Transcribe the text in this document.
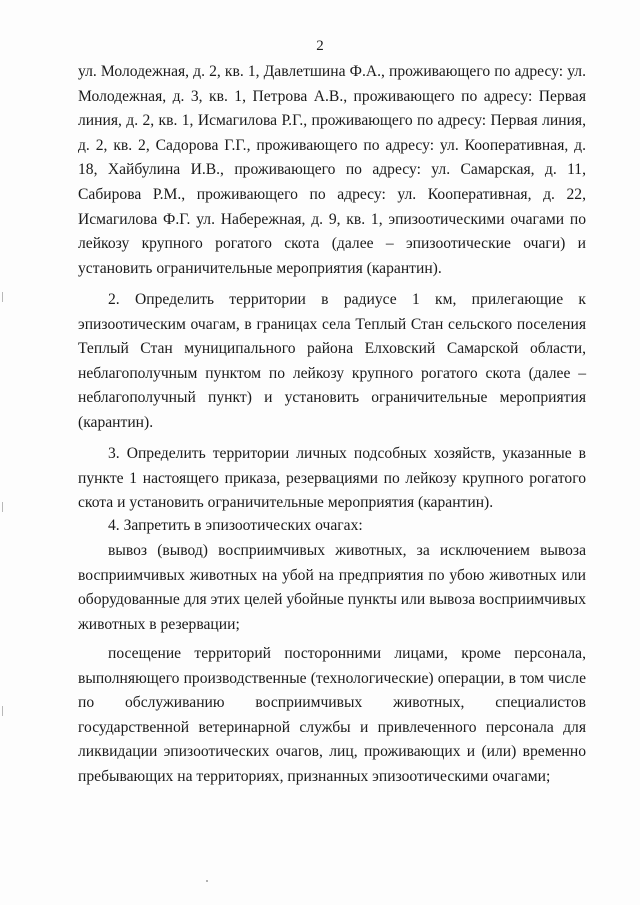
2

ул. Молодежная, д. 2, кв. 1, Давлетшина Ф.А., проживающего по адресу: ул. Молодежная, д. 3, кв. 1, Петрова А.В., проживающего по адресу: Первая линия, д. 2, кв. 1, Исмагилова Р.Г., проживающего по адресу: Первая линия, д. 2, кв. 2, Садорова Г.Г., проживающего по адресу: ул. Кооперативная, д. 18, Хайбулина И.В., проживающего по адресу: ул. Самарская, д. 11, Сабирова Р.М., проживающего по адресу: ул. Кооперативная, д. 22, Исмагилова Ф.Г. ул. Набережная, д. 9, кв. 1, эпизоотическими очагами по лейкозу крупного рогатого скота (далее – эпизоотические очаги) и установить ограничительные мероприятия (карантин).

2. Определить территории в радиусе 1 км, прилегающие к эпизоотическим очагам, в границах села Теплый Стан сельского поселения Теплый Стан муниципального района Елховский Самарской области, неблагополучным пунктом по лейкозу крупного рогатого скота (далее – неблагополучный пункт) и установить ограничительные мероприятия (карантин).

3. Определить территории личных подсобных хозяйств, указанные в пункте 1 настоящего приказа, резервациями по лейкозу крупного рогатого скота и установить ограничительные мероприятия (карантин).

4. Запретить в эпизоотических очагах:

вывоз (вывод) восприимчивых животных, за исключением вывоза восприимчивых животных на убой на предприятия по убою животных или оборудованные для этих целей убойные пункты или вывоза восприимчивых животных в резервации;

посещение территорий посторонними лицами, кроме персонала, выполняющего производственные (технологические) операции, в том числе по обслуживанию восприимчивых животных, специалистов государственной ветеринарной службы и привлеченного персонала для ликвидации эпизоотических очагов, лиц, проживающих и (или) временно пребывающих на территориях, признанных эпизоотическими очагами;
